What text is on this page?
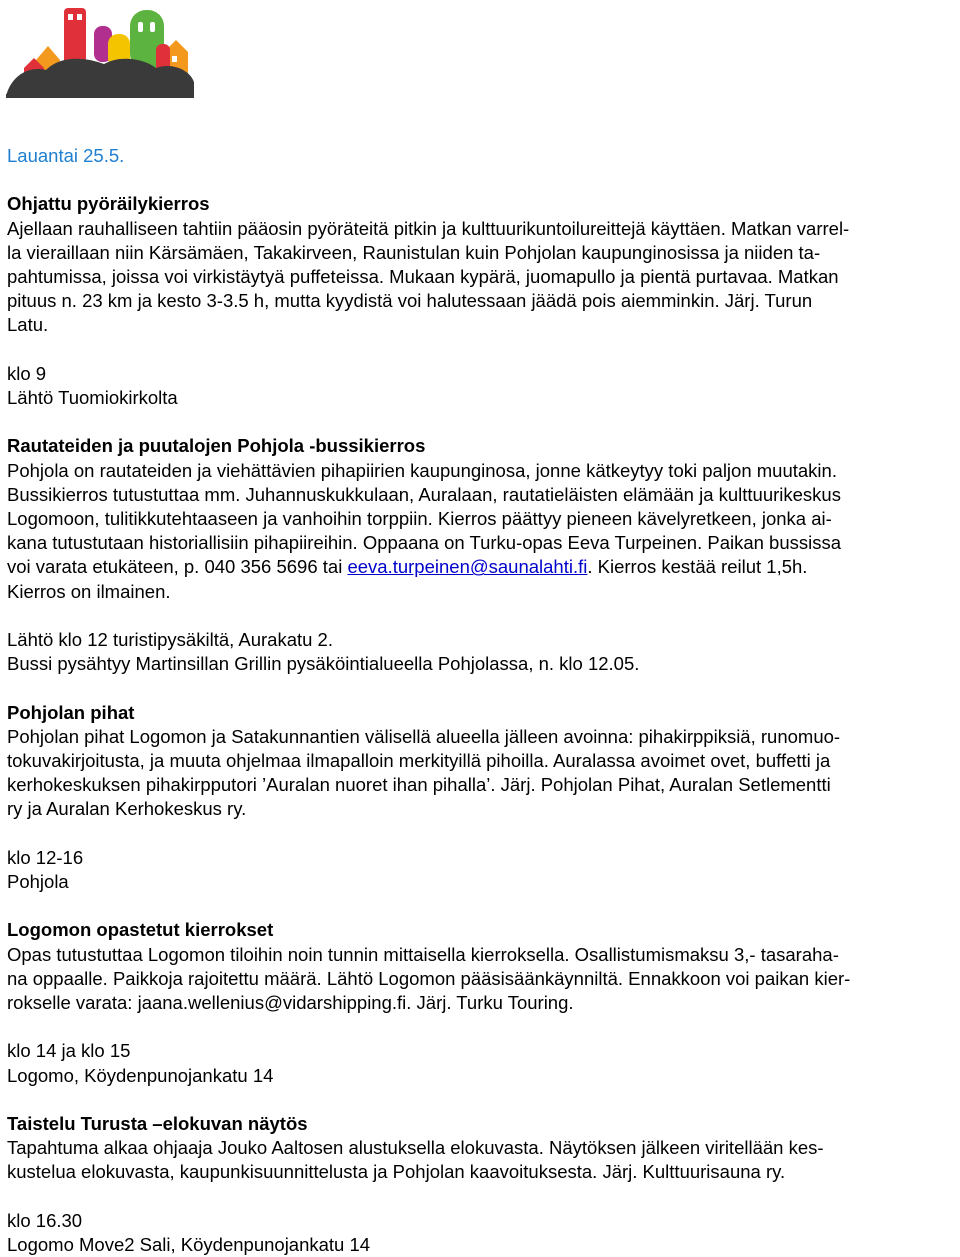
Lauantai 25.5.

Ohjattu pyöräilykierros

Ajellaan rauhalliseen tahtiin pääosin pyöräteitä pitkin ja kulttuurikuntoilureittejä käyttäen. Matkan varrel-

la vieraillaan niin Kärsämäen, Takakirveen, Raunistulan kuin Pohjolan kaupunginosissa ja niiden ta-

pahtumissa, joissa voi virkistäytyä puffeteissa. Mukaan kypärä, juomapullo ja pientä purtavaa. Matkan

pituus n. 23 km ja kesto 3-3.5 h, mutta kyydistä voi halutessaan jäädä pois aiemminkin. Järj. Turun

Latu.

klo 9

Lähtö Tuomiokirkolta

Rautateiden ja puutalojen Pohjola -bussikierros

Pohjola on rautateiden ja viehättävien pihapiirien kaupunginosa, jonne kätkeytyy toki paljon muutakin.

Bussikierros tutustuttaa mm. Juhannuskukkulaan, Auralaan, rautatieläisten elämään ja kulttuurikeskus

Logomoon, tulitikkutehtaaseen ja vanhoihin torppiin. Kierros päättyy pieneen kävelyretkeen, jonka ai-

kana tutustutaan historiallisiin pihapiireihin. Oppaana on Turku-opas Eeva Turpeinen. Paikan bussissa

voi varata etukäteen, p. 040 356 5696 tai eeva.turpeinen@saunalahti.fi. Kierros kestää reilut 1,5h.

Kierros on ilmainen.

Lähtö klo 12 turistipysäkiltä, Aurakatu 2.

Bussi pysähtyy Martinsillan Grillin pysäköintialueella Pohjolassa, n. klo 12.05.

Pohjolan pihat

Pohjolan pihat Logomon ja Satakunnantien välisellä alueella jälleen avoinna: pihakirppiksiä, runomuo-

tokuvakirjoitusta, ja muuta ohjelmaa ilmapalloin merkityillä pihoilla. Auralassa avoimet ovet, buffetti ja

kerhokeskuksen pihakirpputori ’Auralan nuoret ihan pihalla’. Järj. Pohjolan Pihat, Auralan Setlementti

ry ja Auralan Kerhokeskus ry.

klo 12-16

Pohjola

Logomon opastetut kierrokset

Opas tutustuttaa Logomon tiloihin noin tunnin mittaisella kierroksella. Osallistumismaksu 3,- tasaraha-

na oppaalle. Paikkoja rajoitettu määrä. Lähtö Logomon pääsisäänkäynniltä. Ennakkoon voi paikan kier-

rokselle varata: jaana.wellenius@vidarshipping.fi. Järj. Turku Touring.

klo 14 ja klo 15

Logomo, Köydenpunojankatu 14

Taistelu Turusta –elokuvan näytös

Tapahtuma alkaa ohjaaja Jouko Aaltosen alustuksella elokuvasta. Näytöksen jälkeen viritellään kes-

kustelua elokuvasta, kaupunkisuunnittelusta ja Pohjolan kaavoituksesta. Järj. Kulttuurisauna ry.

klo 16.30

Logomo Move2 Sali, Köydenpunojankatu 14
